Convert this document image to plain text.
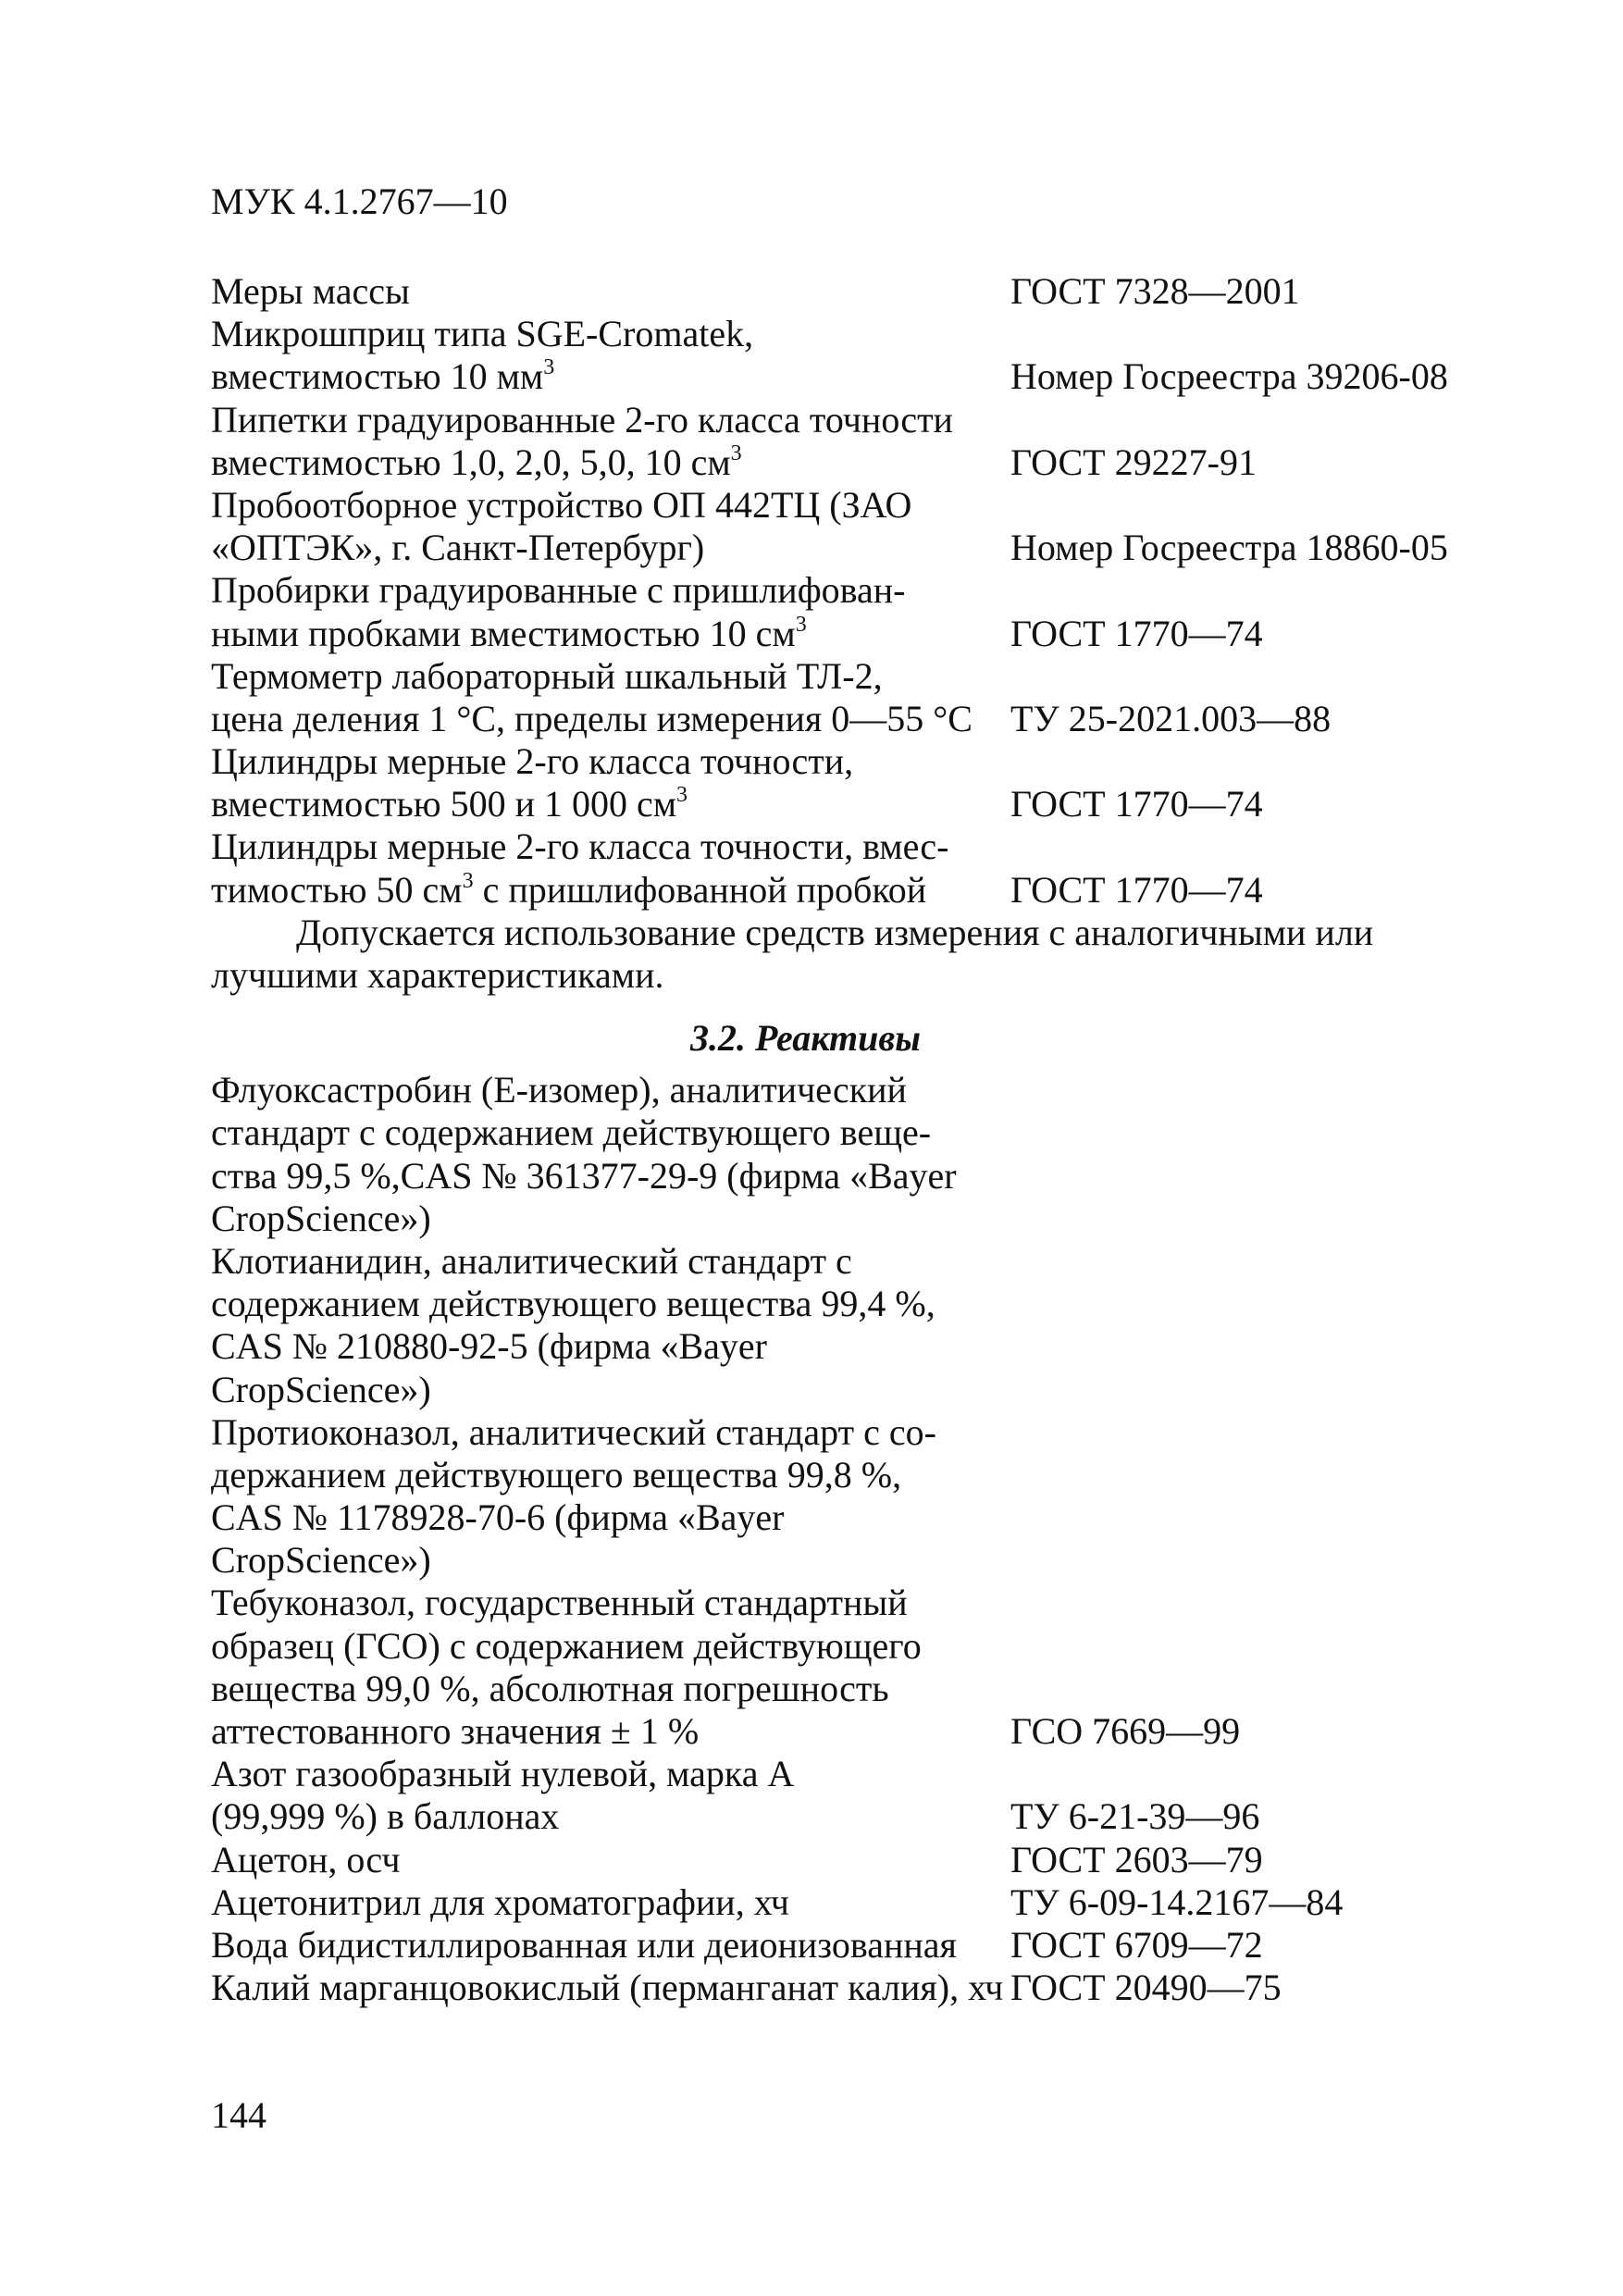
МУК 4.1.2767—10
Меры массы	ГОСТ 7328—2001
Микрошприц типа SGE-Cromatek,
вместимостью 10 $мм^3$	Номер Госреестра 39206-08
Пипетки градуированные 2-го класса точности
вместимостью 1,0, 2,0, 5,0, 10 $см^3$	ГОСТ 29227-91
Пробоотборное устройство ОП 442ТЦ (ЗАО
«ОПТЭК», г. Санкт-Петербург)	Номер Госреестра 18860-05
Пробирки градуированные с пришлифован-
ными пробками вместимостью 10 $см^3$	ГОСТ 1770—74
Термометр лабораторный шкальный ТЛ-2,
цена деления 1 °С, пределы измерения 0—55 °С ТУ 25-2021.003—88
Цилиндры мерные 2-го класса точности,
вместимостью 500 и 1 000 $см^3$	ГОСТ 1770—74
Цилиндры мерные 2-го класса точности, вмес-
тимостью 50 $см^3$ с пришлифованной пробкой ГОСТ 1770—74
Допускается использование средств измерения с аналогичными или
лучшими характеристиками.
3.2. Реактивы
Флуоксастробин (Е-изомер), аналитический
стандарт с содержанием действующего веще-
ства 99,5 %,CAS № 361377-29-9 (фирма «Bayer
CropScience»)
Клотианидин, аналитический стандарт с
содержанием действующего вещества 99,4 %,
CAS № 210880-92-5 (фирма «Bayer
CropScience»)
Протиоконазол, аналитический стандарт с со-
держанием действующего вещества 99,8 %,
CAS № 1178928-70-6 (фирма «Bayer
CropScience»)
Тебуконазол, государственный стандартный
образец (ГСО) с содержанием действующего
вещества 99,0 %, абсолютная погрешность
аттестованного значения ± 1 %	ГСО 7669—99
Азот газообразный нулевой, марка А
(99,999 %) в баллонах	ТУ 6-21-39—96
Ацетон, осч	ГОСТ 2603—79
Ацетонитрил для хроматографии, хч	ТУ 6-09-14.2167—84
Вода бидистиллированная или деионизованная ГОСТ 6709—72
Калий марганцовокислый (перманганат калия), хч ГОСТ 20490—75
144
